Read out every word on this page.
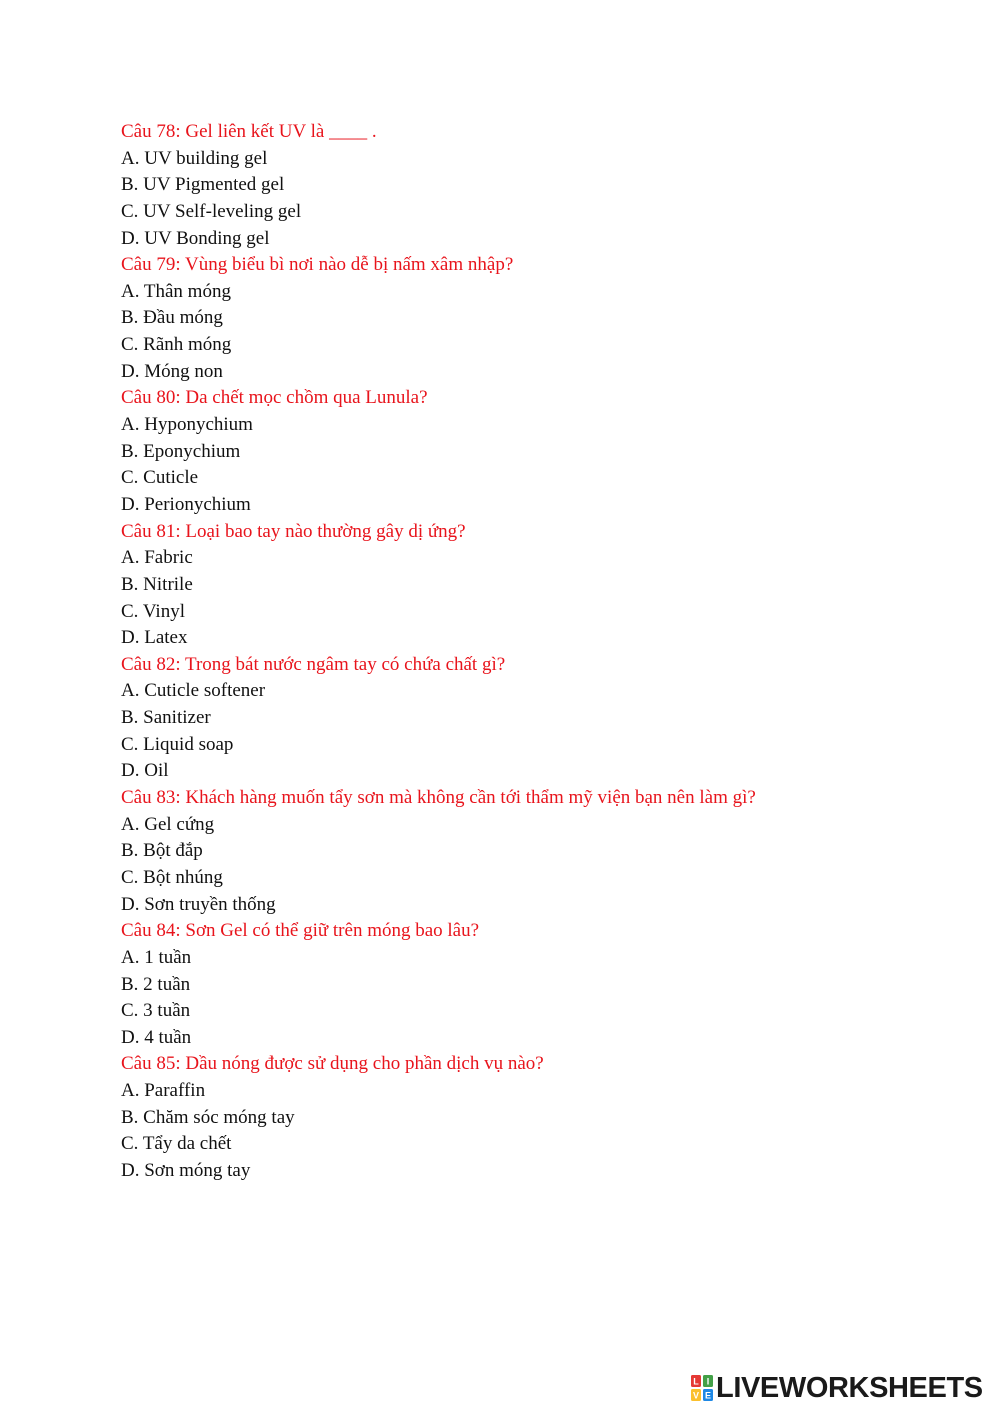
Câu 78: Gel liên kết UV là ____ .
A. UV building gel
B. UV Pigmented gel
C. UV Self-leveling gel
D. UV Bonding gel
Câu 79: Vùng biểu bì nơi nào dễ bị nấm xâm nhập?
A. Thân móng
B. Đầu móng
C. Rãnh móng
D. Móng non
Câu 80: Da chết mọc chồm qua Lunula?
A. Hyponychium
B. Eponychium
C. Cuticle
D. Perionychium
Câu 81: Loại bao tay nào thường gây dị ứng?
A. Fabric
B. Nitrile
C. Vinyl
D. Latex
Câu 82: Trong bát nước ngâm tay có chứa chất gì?
A. Cuticle softener
B. Sanitizer
C. Liquid soap
D. Oil
Câu 83: Khách hàng muốn tẩy sơn mà không cần tới thẩm mỹ viện bạn nên làm gì?
A. Gel cứng
B. Bột đắp
C. Bột nhúng
D. Sơn truyền thống
Câu 84: Sơn Gel có thể giữ trên móng bao lâu?
A. 1 tuần
B. 2 tuần
C. 3 tuần
D. 4 tuần
Câu 85: Dầu nóng được sử dụng cho phần dịch vụ nào?
A. Paraffin
B. Chăm sóc móng tay
C. Tẩy da chết
D. Sơn móng tay
L I
V E LIVEWORKSHEETS
